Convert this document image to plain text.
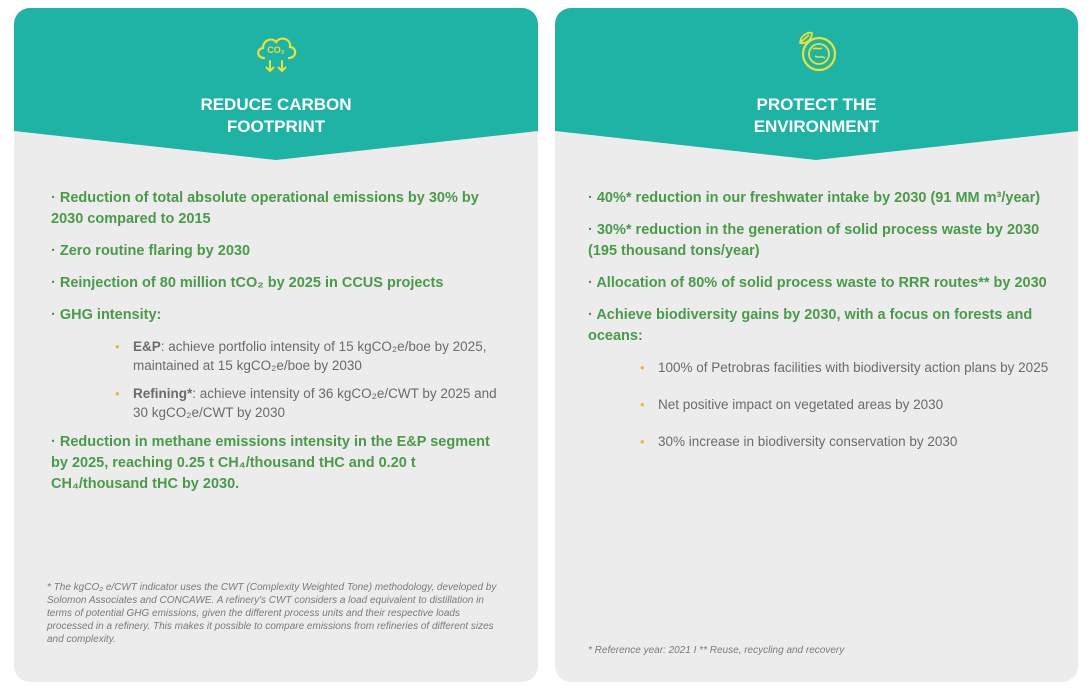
CO₂
REDUCE CARBON
FOOTPRINT
· Reduction of total absolute operational emissions by 30% by 2030 compared to 2015
· Zero routine flaring by 2030
· Reinjection of 80 million tCO₂ by 2025 in CCUS projects
· GHG intensity:
• E&P: achieve portfolio intensity of 15 kgCO₂e/boe by 2025, maintained at 15 kgCO₂e/boe by 2030
• Refining*: achieve intensity of 36 kgCO₂e/CWT by 2025 and 30 kgCO₂e/CWT by 2030
· Reduction in methane emissions intensity in the E&P segment by 2025, reaching 0.25 t CH₄/thousand tHC and 0.20 t CH₄/thousand tHC by 2030.
* The kgCO₂ e/CWT indicator uses the CWT (Complexity Weighted Tone) methodology, developed by Solomon Associates and CONCAWE. A refinery's CWT considers a load equivalent to distillation in terms of potential GHG emissions, given the different process units and their respective loads processed in a refinery. This makes it possible to compare emissions from refineries of different sizes and complexity.
PROTECT THE
ENVIRONMENT
· 40%* reduction in our freshwater intake by 2030 (91 MM m³/year)
· 30%* reduction in the generation of solid process waste by 2030 (195 thousand tons/year)
· Allocation of 80% of solid process waste to RRR routes** by 2030
· Achieve biodiversity gains by 2030, with a focus on forests and oceans:
• 100% of Petrobras facilities with biodiversity action plans by 2025
• Net positive impact on vegetated areas by 2030
• 30% increase in biodiversity conservation by 2030
* Reference year: 2021 I ** Reuse, recycling and recovery
